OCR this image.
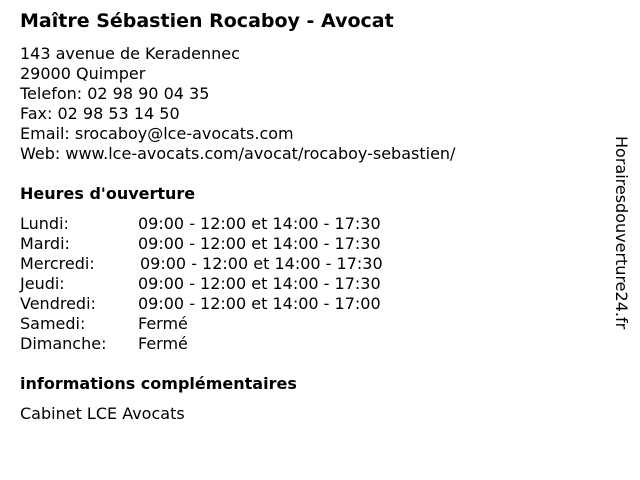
Maître Sébastien Rocaboy - Avocat
143 avenue de Keradennec
29000 Quimper
Telefon: 02 98 90 04 35
Fax: 02 98 53 14 50
Email: srocaboy@lce-avocats.com
Web: www.lce-avocats.com/avocat/rocaboy-sebastien/
Heures d'ouverture
Lundi:	09:00 - 12:00 et 14:00 - 17:30
Mardi:	09:00 - 12:00 et 14:00 - 17:30
Mercredi:	09:00 - 12:00 et 14:00 - 17:30
Jeudi:	09:00 - 12:00 et 14:00 - 17:30
Vendredi:	09:00 - 12:00 et 14:00 - 17:00
Samedi:	Fermé
Dimanche: Fermé
informations complémentaires
Cabinet LCE Avocats
Horairesdouverture24.fr
